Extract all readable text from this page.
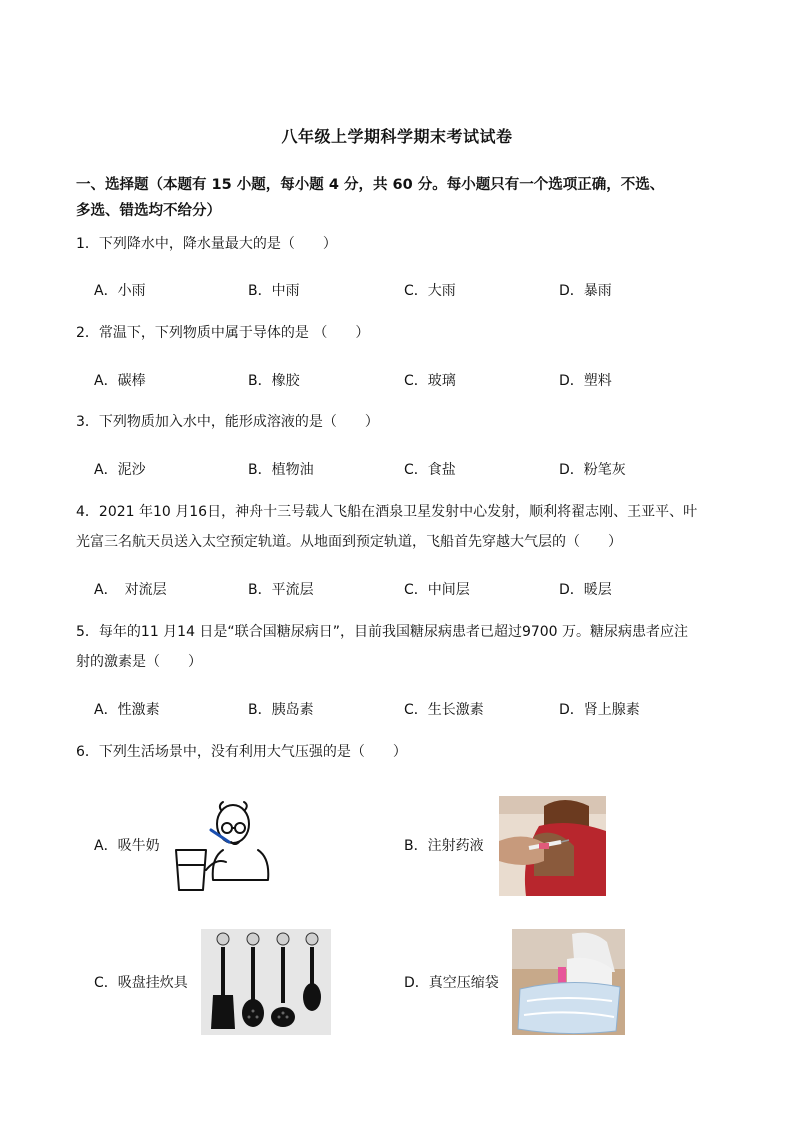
八年级上学期科学期末考试试卷
一、选择题（本题有 15 小题，每小题 4 分，共 60 分。每小题只有一个选项正确，不选、
多选、错选均不给分）
1．下列降水中，降水量最大的是（　　）
A．小雨	B．中雨	C．大雨	D．暴雨
2．常温下，下列物质中属于导体的是 （　　）
A．碳棒	B．橡胶	C．玻璃	D．塑料
3．下列物质加入水中，能形成溶液的是（　　）
A．泥沙	B．植物油	C．食盐	D．粉笔灰
4．2021 年10 月16日，神舟十三号载人飞船在酒泉卫星发射中心发射，顺利将翟志刚、王亚平、叶
光富三名航天员送入太空预定轨道。从地面到预定轨道，飞船首先穿越大气层的（　　）
A．　对流层	B．平流层	C．中间层	D．暖层
5．每年的11 月14 日是“联合国糖尿病日”，目前我国糖尿病患者已超过9700 万。糖尿病患者应注
射的激素是（　　）
A．性激素	B．胰岛素	C．生长激素	D．肾上腺素
6．下列生活场景中，没有利用大气压强的是（　　）
A．吸牛奶	B．注射药液
C．吸盘挂炊具	D．真空压缩袋
